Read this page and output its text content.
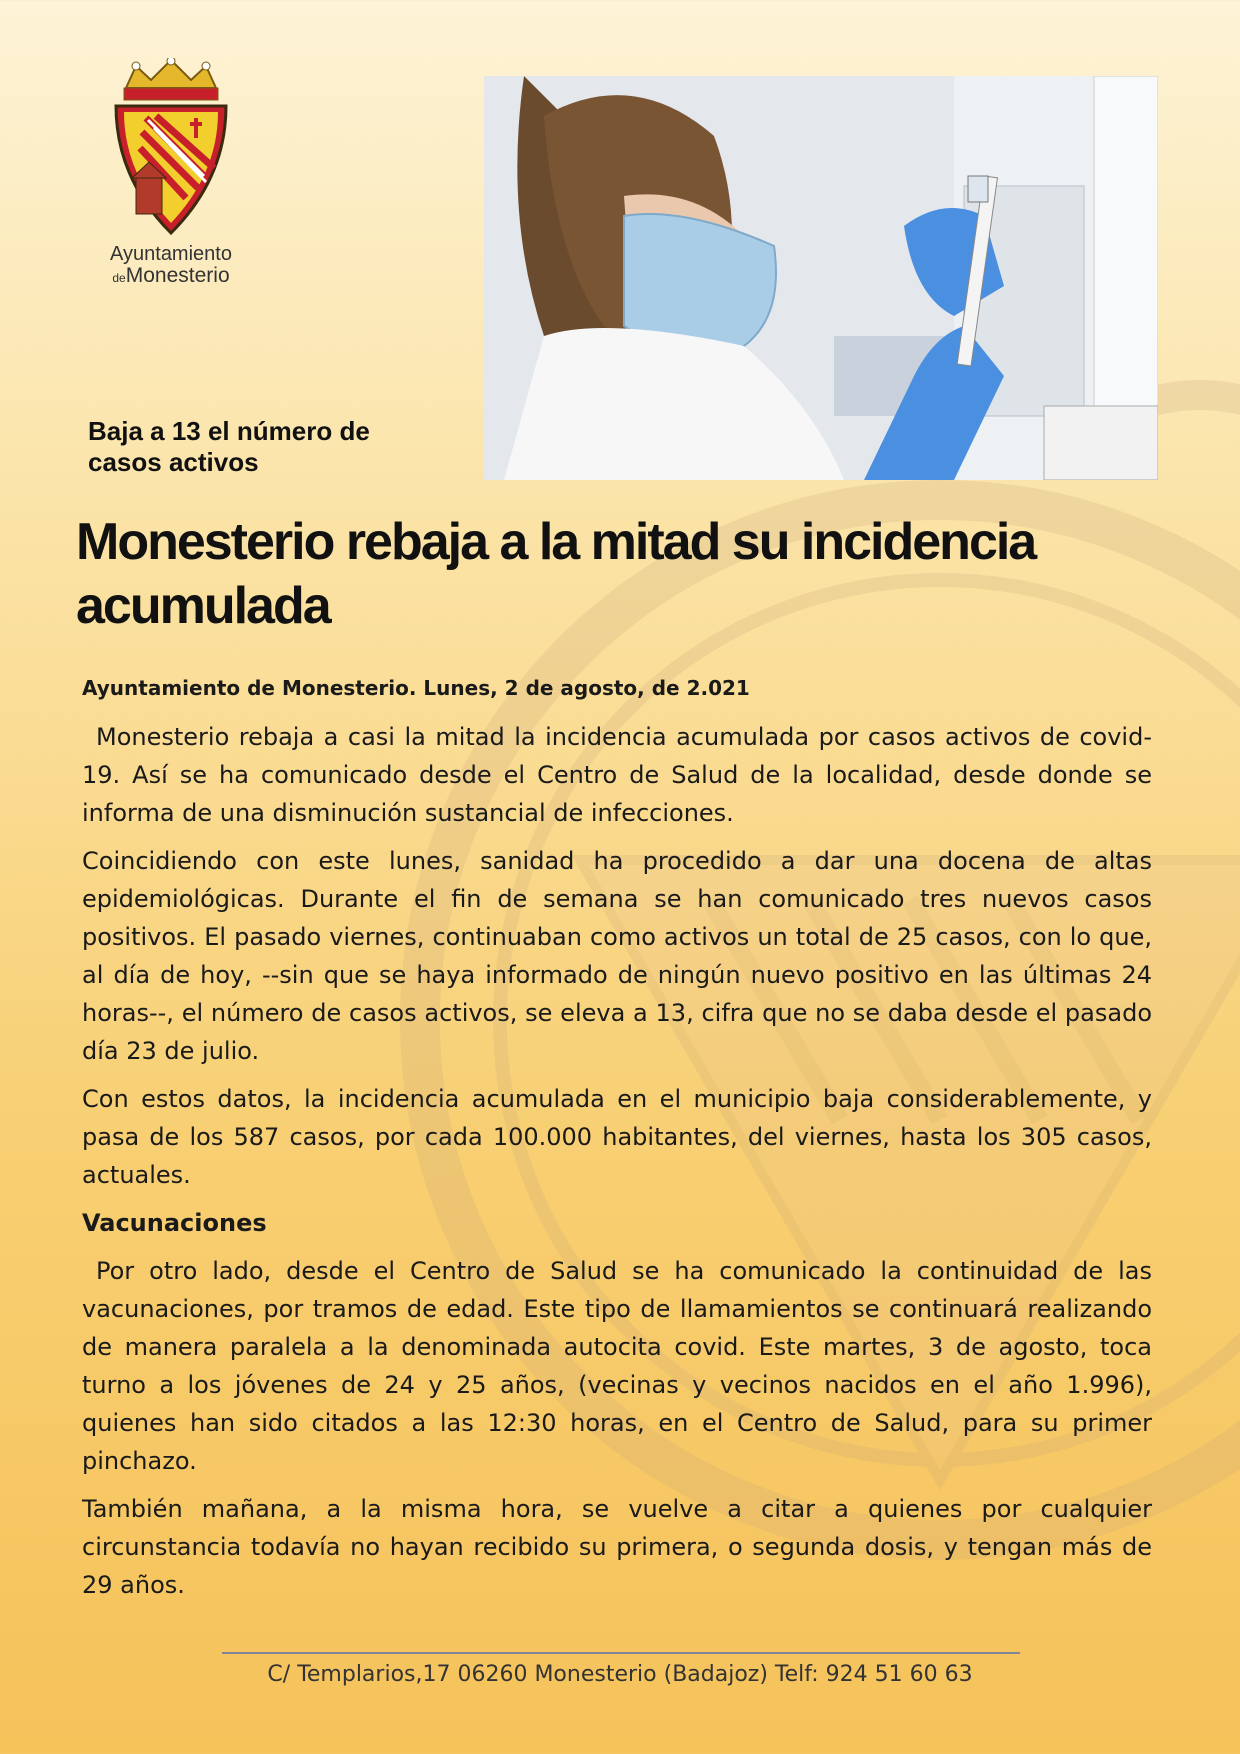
Ayuntamiento
deMonesterio
Baja a 13 el número de casos activos
Monesterio rebaja a la mitad su incidencia acumulada

Ayuntamiento de Monesterio. Lunes, 2 de agosto, de 2.021

Monesterio rebaja a casi la mitad la incidencia acumulada por casos activos de covid-19. Así se ha comunicado desde el Centro de Salud de la localidad, desde donde se informa de una disminución sustancial de infecciones.

Coincidiendo con este lunes, sanidad ha procedido a dar una docena de altas epidemiológicas. Durante el fin de semana se han comunicado tres nuevos casos positivos. El pasado viernes, continuaban como activos un total de 25 casos, con lo que, al día de hoy, --sin que se haya informado de ningún nuevo positivo en las últimas 24 horas--, el número de casos activos, se eleva a 13, cifra que no se daba desde el pasado día 23 de julio.

Con estos datos, la incidencia acumulada en el municipio baja considerablemente, y pasa de los 587 casos, por cada 100.000 habitantes, del viernes, hasta los 305 casos, actuales.

Vacunaciones

Por otro lado, desde el Centro de Salud se ha comunicado la continuidad de las vacunaciones, por tramos de edad. Este tipo de llamamientos se continuará realizando de manera paralela a la denominada autocita covid. Este martes, 3 de agosto, toca turno a los jóvenes de 24 y 25 años, (vecinas y vecinos nacidos en el año 1.996), quienes han sido citados a las 12:30 horas, en el Centro de Salud, para su primer pinchazo.

También mañana, a la misma hora, se vuelve a citar a quienes por cualquier circunstancia todavía no hayan recibido su primera, o segunda dosis, y tengan más de 29 años.

C/ Templarios,17 06260 Monesterio (Badajoz) Telf: 924 51 60 63
